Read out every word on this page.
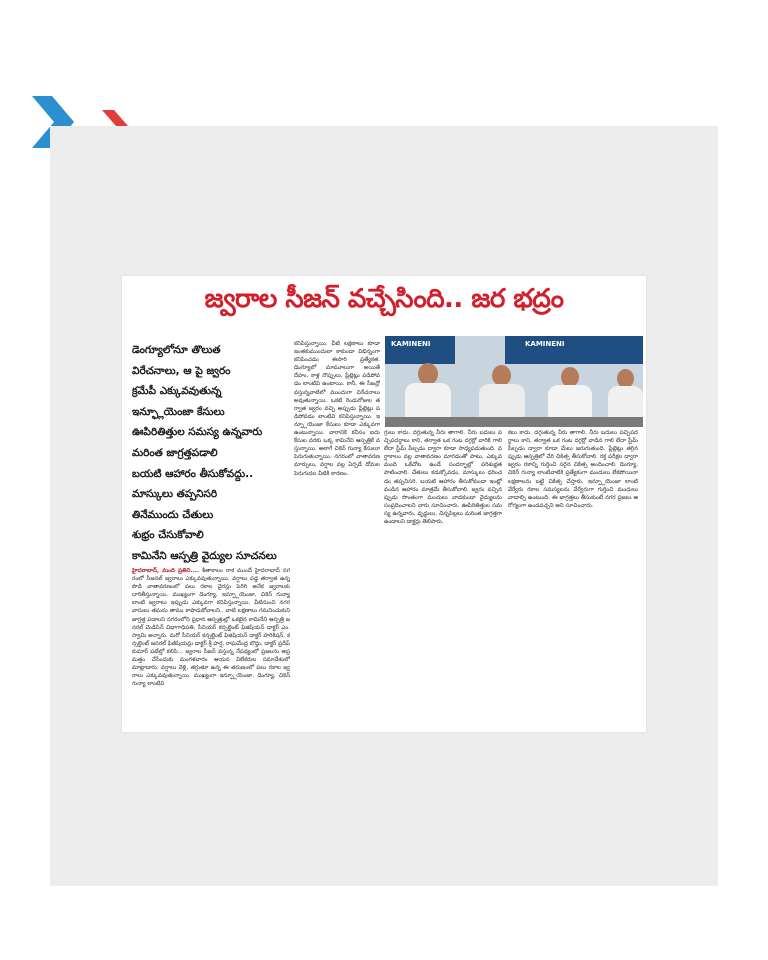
జ్వరాల సీజన్ వచ్చేసింది.. జర భద్రం
డెంగ్యూలోనూ తొలుత
విరేచనాలు, ఆ పై జ్వరం
క్రమేపీ ఎక్కువవుతున్న
ఇన్ఫ్లూయెంజా కేసులు
ఊపిరితిత్తుల సమస్య ఉన్నవారు
మరింత జాగ్రత్తపడాలి
బయటి ఆహారం తీసుకోవద్దు..
మాస్కులు తప్పనిసరి
తినేముందు చేతులు
శుభ్రం చేసుకోవాలి
కామినేని ఆస్పత్రి వైద్యుల సూచనలు
హైదరాబాద్, మంది ప్రతిని.... శీతాకాలం రాక ముందే హైదరాబాద్ నగరంలో సీజనల్ జ్వరాలు ఎక్కువవుతున్నాయి. వర్షాలు పడ్డ తర్వాత ఉన్న పొడి వాతావరణంలో పలు రకాల వైరస్లు పెరిగి అనేక జ్వరాలకు దారితీస్తున్నాయి. ముఖ్యంగా డెంగ్యూ, ఇన్ఫ్లూయెంజా, చికెన్ గున్యా లాంటి జ్వరాలు ఇప్పుడు ఎక్కువగా కనిపిస్తున్నాయి. వీటినుంచి నగరవాసులు తమను తాము కాపాడుకోవాలని.. వాటి లక్షణాలు గమనించుకుని జాగ్రత్త పడాలని నగరంలోని ప్రధాన ఆస్పత్రుల్లో ఒకటైన కామినేని ఆస్పత్రి జనరల్ మెడిసిన్ విభాగాధిపతి, సీనియర్ కన్సల్టెంట్ ఫిజిషియన్ డాక్టర్ ఎం. స్వామి అన్నారు. మరో సీనియర్ కన్సల్టెంట్ ఫిజిషియన్ డాక్టర్ హరికిషన్, కన్సల్టెంట్ జనరల్ ఫిజీషియన్లు డాక్టర్ శ్రీ హర్ష, రాఘవేంద్ర బొద్దు, డాక్టర్ ప్రదీప్ కుమార్ పటేల్తో కలిసి... జ్వరాల సీజన్ వస్తున్న నేపథ్యంలో ప్రజలను అప్రమత్తం చేసేందుకు మంగళవారం ఆయన విలేకరుల సమావేశంలో మాట్లాడారు. వర్షాలు వెళ్లి, తగ్గుతూ ఉన్న ఈ తరుణంలో పలు రకాల జ్వరాలు ఎక్కువవుతున్నాయి. ముఖ్యంగా ఇన్ఫ్లూయెంజా, డెంగ్యూ, చికెన్ గున్యా లాంటివి
కనిపిస్తున్నాయి. వీటి లక్షణాలు కూడా ఇంతకుముందులా కాకుండా విభిన్నంగా కనిపించడం ఈసారి ప్రత్యేకత. డెంగ్యూలో మామూలుగా అయితే దేహం, కాళ్ల నొప్పులు, ప్లేట్లెట్లు పడిపోవడం లాంటివి ఉంటాయి. కానీ, ఈ సీజన్లో వస్తున్నవాటిలో ముందుగా విరేచనాలు అవుతున్నాయి. ఒకటి రెండురోజుల తర్వాత జ్వరం వచ్చి అప్పుడు ప్లేట్లెట్లు పడిపోవడం లాంటివి కనిపిస్తున్నాయి. ఇన్ఫ్లూయెంజా కేసులు కూడా ఎక్కువగా ఉంటున్నాయి. వారానికి కనీసం ఐదు కేసుల వరకు ఒక్క కామినేని ఆస్పత్రికే వస్తున్నాయి. అలాగే చికెన్ గున్యా కేసులూ పెరుగుతున్నాయి. నగరంలో వాతావరణ మార్పులు, వర్షాల వల్ల ఏర్పడే దోమల పెరుగుదల వీటికి కారణం.
KAMINENI	KAMINENI
గ్గులు కాదు. దగ్గుతున్న నీరు తాగాలి. నీరు బదులు పచ్చిపదర్థాలు కాని, తర్వాత ఒక గంట దగ్గర్లో వారికి గాలి లేదా స్టీమ్ పీల్చడం ద్వారా కూడా సాధ్యపడుతుంది. వర్షాకాలం వల్ల వాతావరణం మారడంతో పాటు, ఎక్కువ మంది ఒకేచోట ఉండే సందర్భాల్లో పరిశుభ్రత పాటించాలి. చేతులు కడుక్కోవడం, మాస్కులు ధరించడం తప్పనిసరి. బయటి ఆహారం తీసుకోకుండా ఇంట్లో వండిన ఆహారం మాత్రమే తీసుకోవాలి. జ్వరం వచ్చినప్పుడు సొంతంగా మందులు వాడకుండా వైద్యులను సంప్రదించాలని వారు సూచించారు. ఊపిరితిత్తుల సమస్య ఉన్నవారు, వృద్ధులు, చిన్నపిల్లలు మరింత జాగ్రత్తగా ఉండాలని డాక్టర్లు తెలిపారు.
కలు కాదు. దగ్గుతున్న నీరు తాగాలి. నీరు బదులు పచ్చిపదర్థాలు కాని, తర్వాత ఒక గంట దగ్గర్లో వాడిన గాలి లేదా స్టీమ్ పీల్చడం ద్వారా కూడా మేలు జరుగుతుంది. ప్లేట్లెట్లు తగ్గినప్పుడు ఆస్పత్రిలో చేరి చికిత్స తీసుకోవాలి. రక్త పరీక్షల ద్వారా జ్వరం రకాన్ని గుర్తించి సరైన చికిత్స అందించాలి. డెంగ్యూ, చికెన్ గున్యా లాంటివాటికి ప్రత్యేకంగా మందులు లేకపోయినా లక్షణాలను బట్టి చికిత్స చేస్తారు. ఇన్ఫ్లూయెంజా లాంటి వేర్వేరు రకాల సమస్యలను వేర్వేరుగా గుర్తించి మందులు వాడాల్సి ఉంటుంది. ఈ జాగ్రత్తలు తీసుకుంటే నగర ప్రజలు ఆరోగ్యంగా ఉండవచ్చని అని సూచించారు.
